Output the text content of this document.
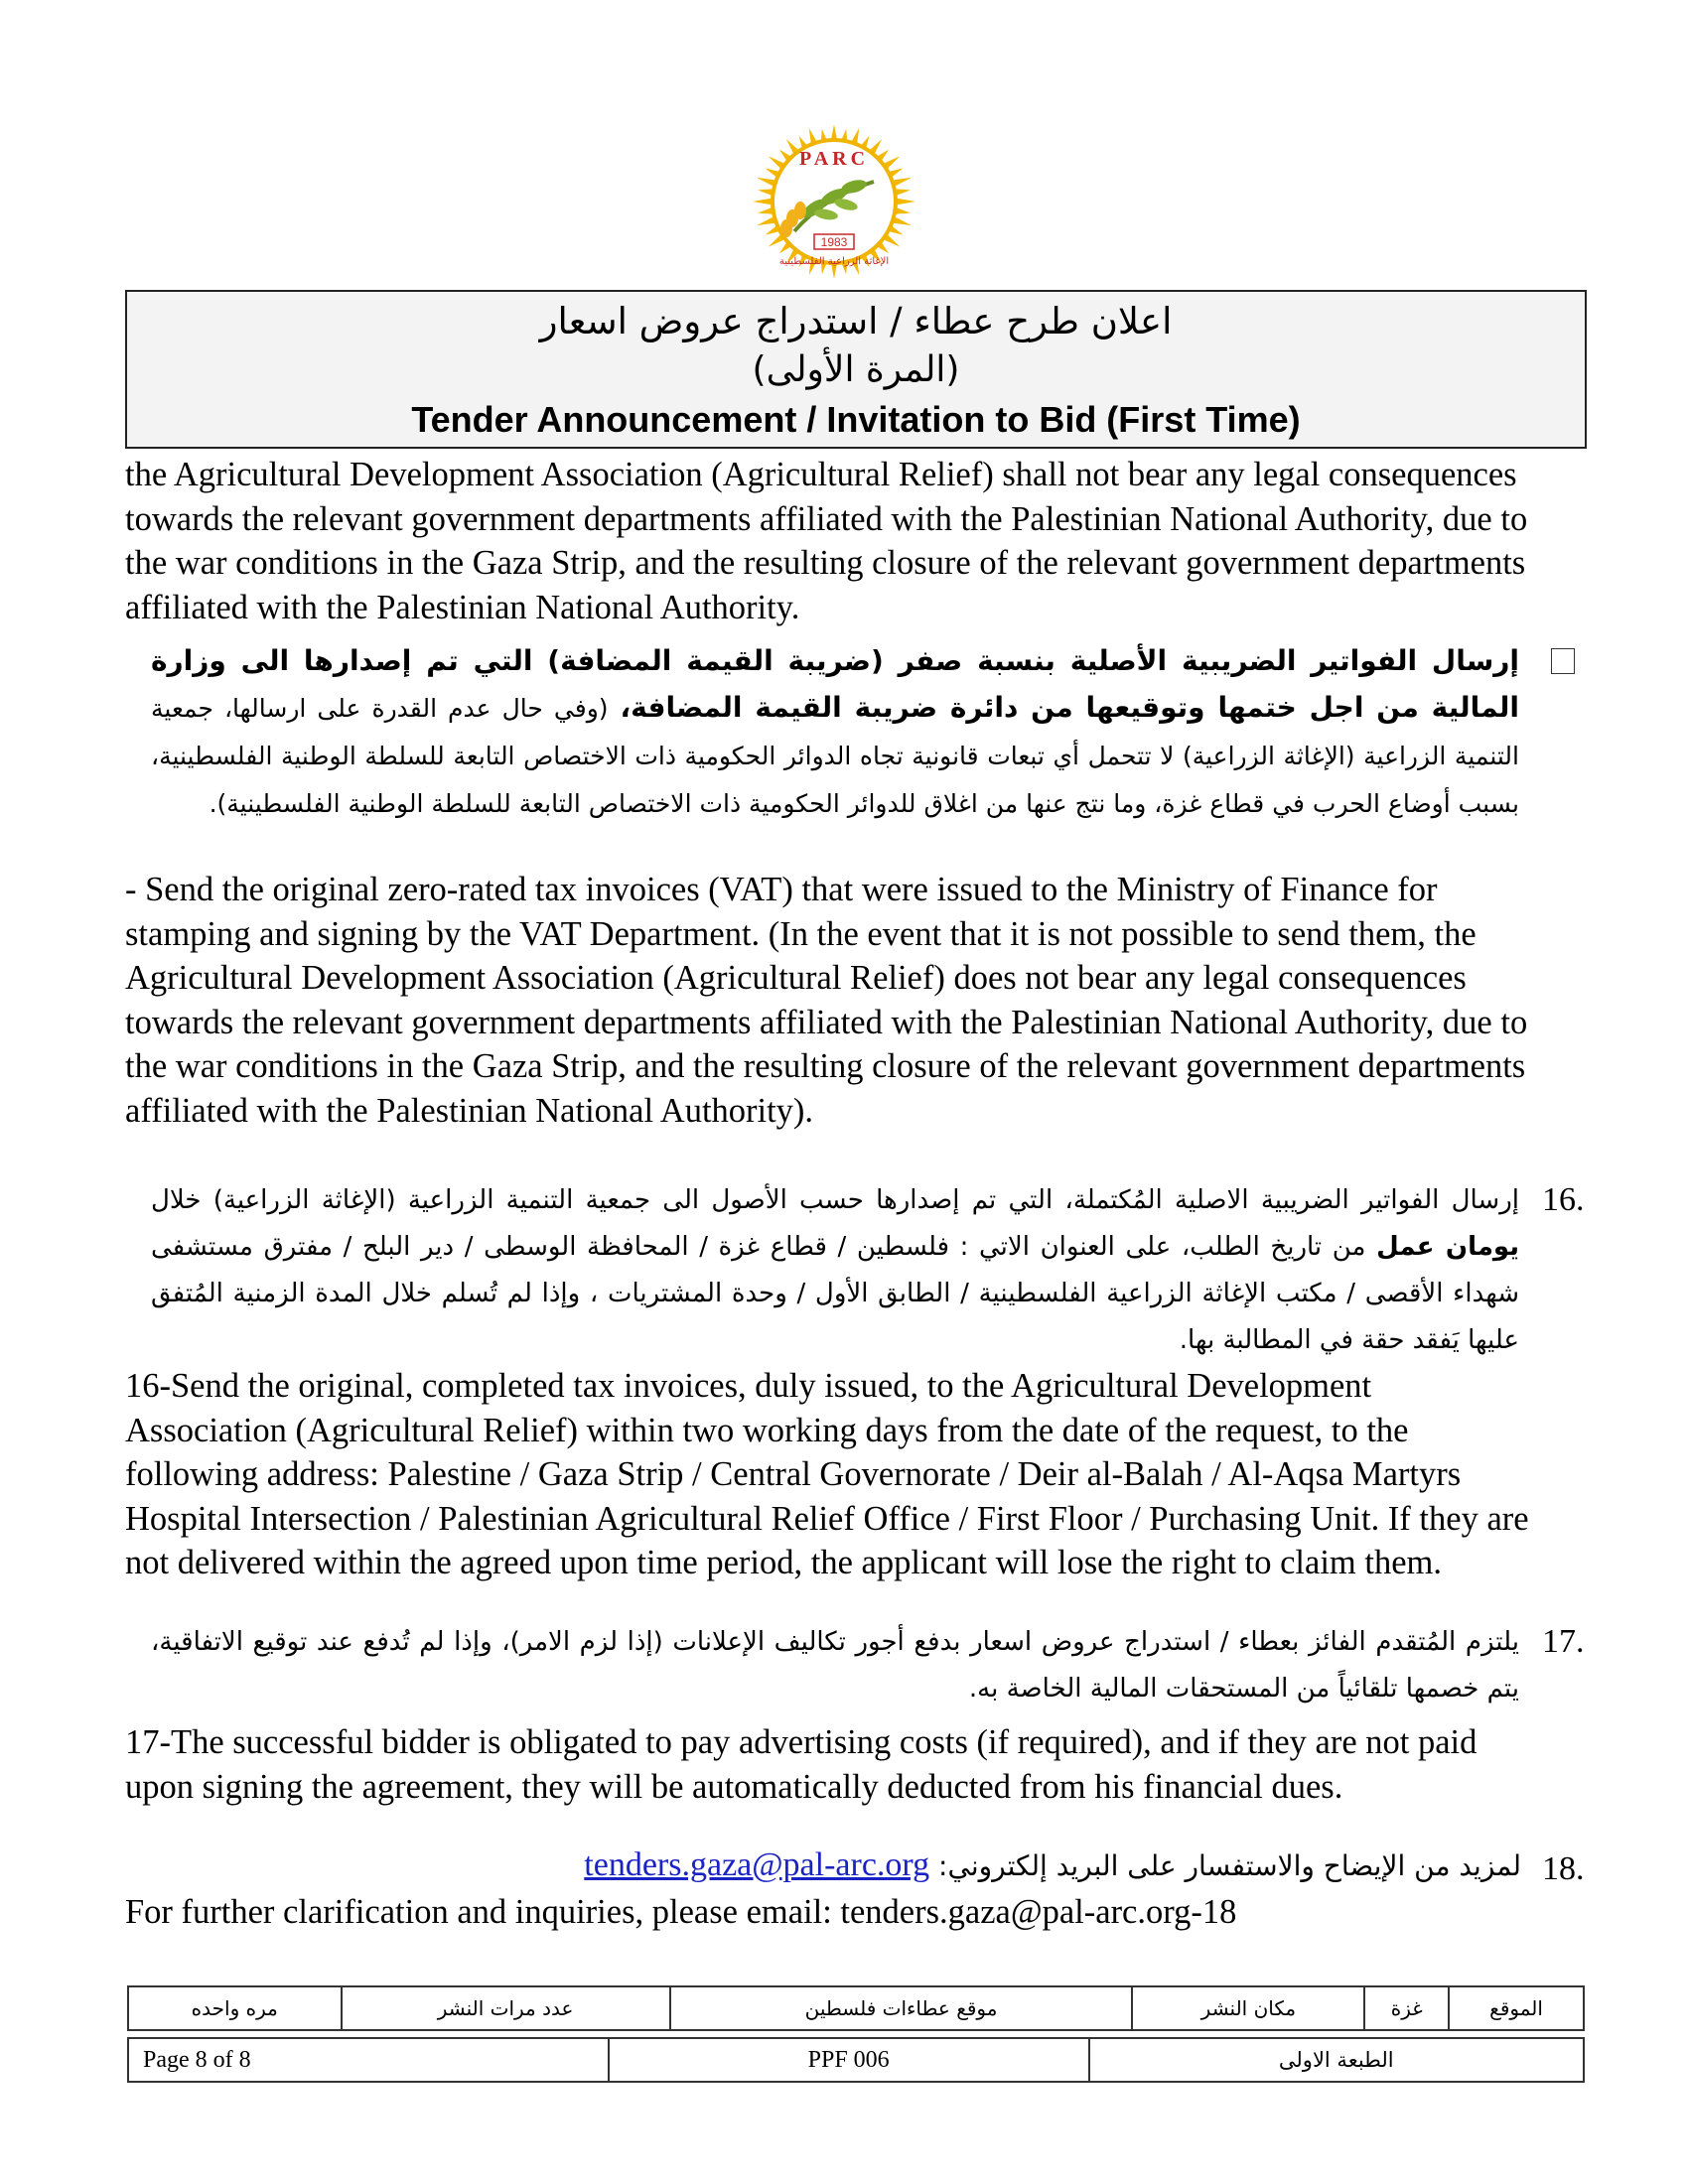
PARC
1983
الإغاثة الزراعية الفلسطينية
اعلان طرح عطاء / استدراج عروض اسعار
(المرة الأولى)
Tender Announcement / Invitation to Bid (First Time)
the Agricultural Development Association (Agricultural Relief) shall not bear any legal consequences towards the relevant government departments affiliated with the Palestinian National Authority, due to the war conditions in the Gaza Strip, and the resulting closure of the relevant government departments affiliated with the Palestinian National Authority.
إرسال الفواتير الضريبية الأصلية بنسبة صفر (ضريبة القيمة المضافة) التي تم إصدارها الى وزارة المالية من اجل ختمها وتوقيعها من دائرة ضريبة القيمة المضافة، (وفي حال عدم القدرة على ارسالها، جمعية التنمية الزراعية (الإغاثة الزراعية) لا تتحمل أي تبعات قانونية تجاه الدوائر الحكومية ذات الاختصاص التابعة للسلطة الوطنية الفلسطينية، بسبب أوضاع الحرب في قطاع غزة، وما نتج عنها من اغلاق للدوائر الحكومية ذات الاختصاص التابعة للسلطة الوطنية الفلسطينية).
- Send the original zero-rated tax invoices (VAT) that were issued to the Ministry of Finance for stamping and signing by the VAT Department. (In the event that it is not possible to send them, the Agricultural Development Association (Agricultural Relief) does not bear any legal consequences towards the relevant government departments affiliated with the Palestinian National Authority, due to the war conditions in the Gaza Strip, and the resulting closure of the relevant government departments affiliated with the Palestinian National Authority).
16.
إرسال الفواتير الضريبية الاصلية المُكتملة، التي تم إصدارها حسب الأصول الى جمعية التنمية الزراعية (الإغاثة الزراعية) خلال يومان عمل من تاريخ الطلب، على العنوان الاتي : فلسطين / قطاع غزة / المحافظة الوسطى / دير البلح / مفترق مستشفى شهداء الأقصى / مكتب الإغاثة الزراعية الفلسطينية / الطابق الأول / وحدة المشتريات ، وإذا لم تُسلم خلال المدة الزمنية المُتفق عليها يَفقد حقة في المطالبة بها.
16-Send the original, completed tax invoices, duly issued, to the Agricultural Development Association (Agricultural Relief) within two working days from the date of the request, to the following address: Palestine / Gaza Strip / Central Governorate / Deir al-Balah / Al-Aqsa Martyrs Hospital Intersection / Palestinian Agricultural Relief Office / First Floor / Purchasing Unit. If they are not delivered within the agreed upon time period, the applicant will lose the right to claim them.
17.
يلتزم المُتقدم الفائز بعطاء / استدراج عروض اسعار بدفع أجور تكاليف الإعلانات (إذا لزم الامر)، وإذا لم تُدفع عند توقيع الاتفاقية، يتم خصمها تلقائياً من المستحقات المالية الخاصة به.
17-The successful bidder is obligated to pay advertising costs (if required), and if they are not paid upon signing the agreement, they will be automatically deducted from his financial dues.
18.
لمزيد من الإيضاح والاستفسار على البريد إلكتروني: tenders.gaza@pal-arc.org
For further clarification and inquiries, please email: tenders.gaza@pal-arc.org-18
الموقع	غزة	مكان النشر	موقع عطاءات فلسطين	عدد مرات النشر	مره واحده
Page 8 of 8	PPF 006	الطبعة الاولى
